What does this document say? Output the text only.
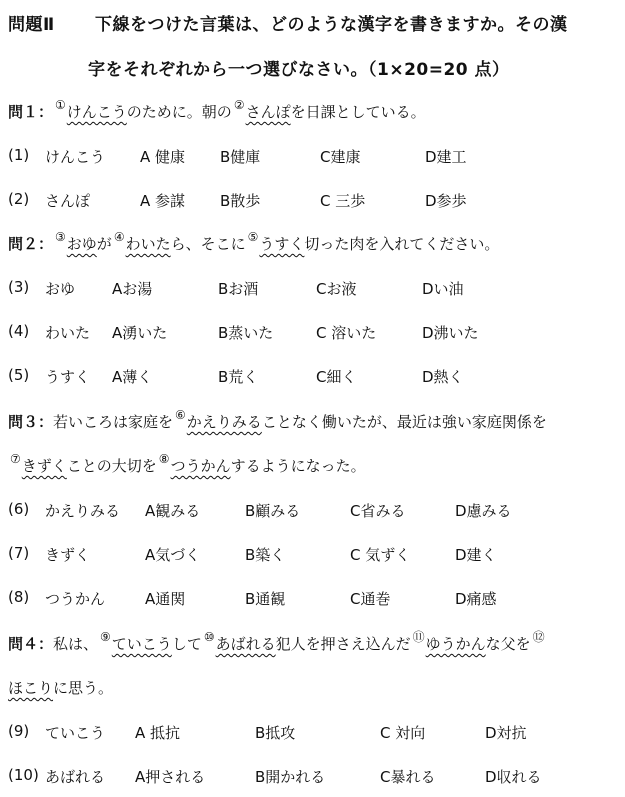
問題Ⅱ 下線をつけた言葉は、どのような漢字を書きますか。その漢
字をそれぞれから一つ選びなさい。（1×20=20 点）
問１： ①けんこうのために。朝の ②さんぽを日課としている。
(1) けんこう A 健康 B健庫	C建康	D建工
(2) さんぽ	A 参謀 B散歩	C 三歩	D参歩
問２： ③おゆが ④わいたら、そこに ⑤うすく切った肉を入れてください。
(3) おゆ Aお湯	Bお酒	Cお液	Dい油
(4) わいた A湧いた	B蒸いた	C 溶いた	D沸いた
(5) うすく A薄く	B荒く	C細く	D熱く
問３：若いころは家庭を ⑥かえりみることなく働いたが、最近は強い家庭関係を
⑦きずくことの大切を ⑧つうかんするようになった。
(6) かえりみる A観みる	B顧みる	C省みる	D慮みる
(7) きずく	A気づく	B築く	C 気ずく	D建く
(8) つうかん	A通関	B通観	C通巻	D痛感
問４：私は、 ⑨ていこうして ⑩あばれる犯人を押さえ込んだ ⑪ゆうかんな父を ⑫
ほこりに思う。
(9) ていこう A 抵抗	B抵攻	C 対向	D対抗
(10) あばれる A押される	B開かれる	C暴れる	D収れる
